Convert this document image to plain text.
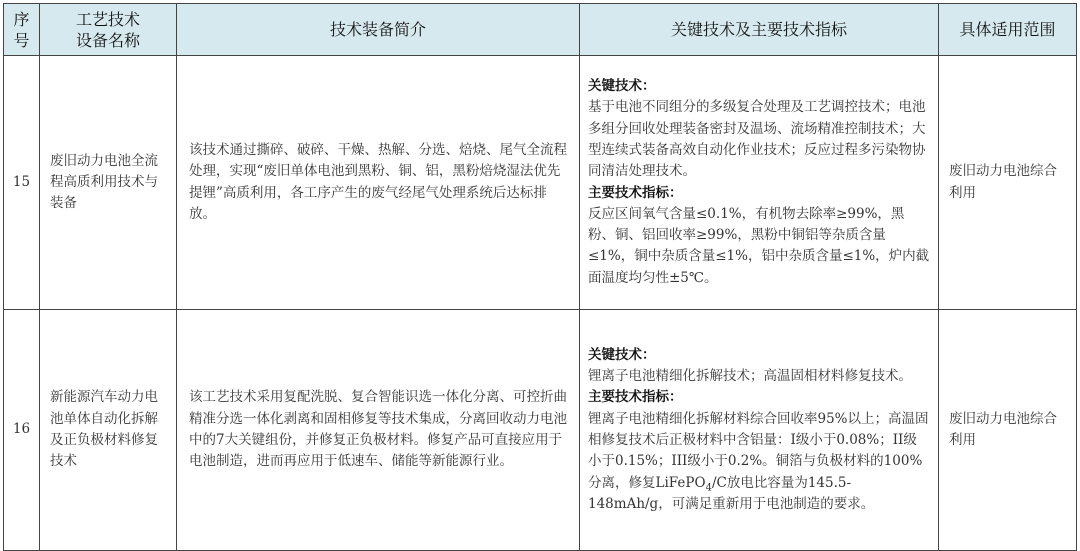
序号	工艺技术设备名称	技术装备简介	关键技术及主要技术指标	具体适用范围
15	废旧动力电池全流程高质利用技术与装备	该技术通过撕碎、破碎、干燥、热解、分选、焙烧、尾气全流程处理，实现“废旧单体电池到黑粉、铜、铝，黑粉焙烧湿法优先提锂”高质利用，各工序产生的废气经尾气处理系统后达标排放。	关键技术：
基于电池不同组分的多级复合处理及工艺调控技术；电池多组分回收处理装备密封及温场、流场精准控制技术；大型连续式装备高效自动化作业技术；反应过程多污染物协同清洁处理技术。
主要技术指标：
反应区间氧气含量≤0.1%，有机物去除率≥99%，黑粉、铜、铝回收率≥99%，黑粉中铜铝等杂质含量≤1%，铜中杂质含量≤1%，铝中杂质含量≤1%，炉内截面温度均匀性±5℃。	废旧动力电池综合利用
16	新能源汽车动力电池单体自动化拆解及正负极材料修复技术	该工艺技术采用复配洗脱、复合智能识选一体化分离、可控折曲精准分选一体化剥离和固相修复等技术集成，分离回收动力电池中的7大关键组份，并修复正负极材料。修复产品可直接应用于电池制造，进而再应用于低速车、储能等新能源行业。	关键技术：
锂离子电池精细化拆解技术；高温固相材料修复技术。
主要技术指标：
锂离子电池精细化拆解材料综合回收率95%以上；高温固相修复技术后正极材料中含铝量：I级小于0.08%；II级小于0.15%；III级小于0.2%。铜箔与负极材料的100%分离，修复LiFePO$_4$/C放电比容量为145.5-148mAh/g，可满足重新用于电池制造的要求。	废旧动力电池综合利用
